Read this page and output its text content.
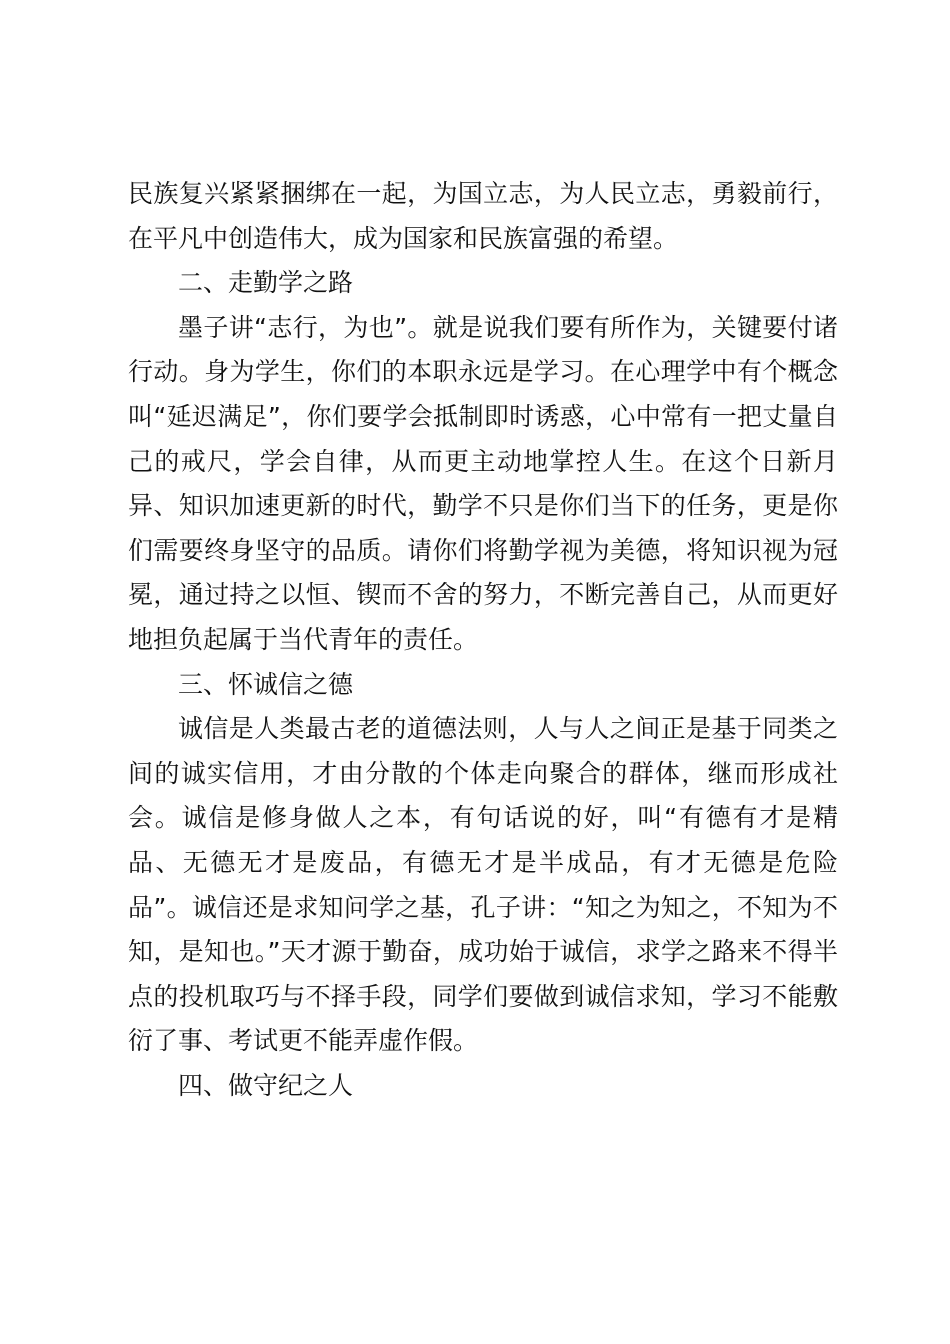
民族复兴紧紧捆绑在一起，为国立志，为人民立志，勇毅前行，在平凡中创造伟大，成为国家和民族富强的希望。

二、走勤学之路

墨子讲“志行，为也”。就是说我们要有所作为，关键要付诸行动。身为学生，你们的本职永远是学习。在心理学中有个概念叫“延迟满足”，你们要学会抵制即时诱惑，心中常有一把丈量自己的戒尺，学会自律，从而更主动地掌控人生。在这个日新月异、知识加速更新的时代，勤学不只是你们当下的任务，更是你们需要终身坚守的品质。请你们将勤学视为美德，将知识视为冠冕，通过持之以恒、锲而不舍的努力，不断完善自己，从而更好地担负起属于当代青年的责任。

三、怀诚信之德

诚信是人类最古老的道德法则，人与人之间正是基于同类之间的诚实信用，才由分散的个体走向聚合的群体，继而形成社会。诚信是修身做人之本，有句话说的好，叫“有德有才是精品、无德无才是废品，有德无才是半成品，有才无德是危险品”。诚信还是求知问学之基，孔子讲：“知之为知之，不知为不知，是知也。”天才源于勤奋，成功始于诚信，求学之路来不得半点的投机取巧与不择手段，同学们要做到诚信求知，学习不能敷衍了事、考试更不能弄虚作假。

四、做守纪之人
